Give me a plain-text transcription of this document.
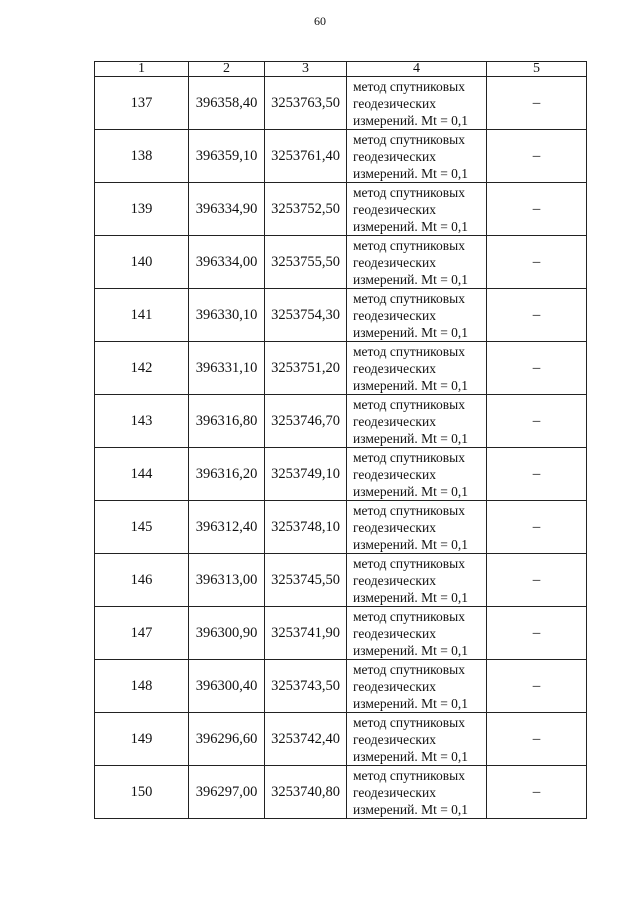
60
1	2	3	4	5
137	396358,40	3253763,50	метод спутниковых
геодезических
измерений. Mt = 0,1	–
138	396359,10	3253761,40	метод спутниковых
геодезических
измерений. Mt = 0,1	–
139	396334,90	3253752,50	метод спутниковых
геодезических
измерений. Mt = 0,1	–
140	396334,00	3253755,50	метод спутниковых
геодезических
измерений. Mt = 0,1	–
141	396330,10	3253754,30	метод спутниковых
геодезических
измерений. Mt = 0,1	–
142	396331,10	3253751,20	метод спутниковых
геодезических
измерений. Mt = 0,1	–
143	396316,80	3253746,70	метод спутниковых
геодезических
измерений. Mt = 0,1	–
144	396316,20	3253749,10	метод спутниковых
геодезических
измерений. Mt = 0,1	–
145	396312,40	3253748,10	метод спутниковых
геодезических
измерений. Mt = 0,1	–
146	396313,00	3253745,50	метод спутниковых
геодезических
измерений. Mt = 0,1	–
147	396300,90	3253741,90	метод спутниковых
геодезических
измерений. Mt = 0,1	–
148	396300,40	3253743,50	метод спутниковых
геодезических
измерений. Mt = 0,1	–
149	396296,60	3253742,40	метод спутниковых
геодезических
измерений. Mt = 0,1	–
150	396297,00	3253740,80	метод спутниковых
геодезических
измерений. Mt = 0,1	–
